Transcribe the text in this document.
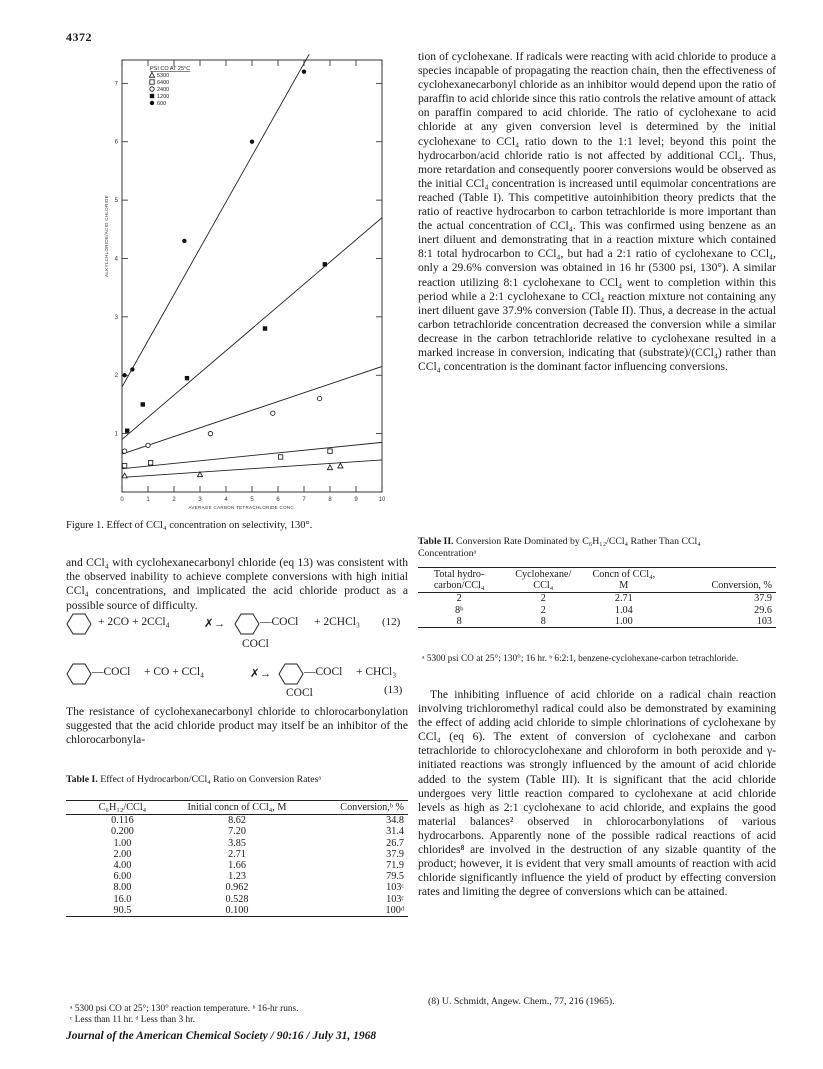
4372
0	1	2	3	4	5	6	7	8	9	10
1
2
3
4
5
6
7
AVERAGE CARBON TETRACHLORIDE CONC.
ALKYLCHLORIDE/ACID CHLORIDE
PSI CO AT 25°C
5300
6400
2400
1200
600
Figure 1. Effect of CCl₄ concentration on selectivity, 130°.
and CCl₄ with cyclohexanecarbonyl chloride (eq 13) was consistent with the observed inability to achieve complete conversions with high initial CCl₄ concentrations, and implicated the acid chloride product as a possible source of difficulty.
+ 2CO + 2CCl₄	✗→	—COCl + 2CHCl₃ (12)
COCl
—COCl + CO + CCl₄	✗→	—COCl + CHCl₃
COCl	(13)
The resistance of cyclohexanecarbonyl chloride to chlorocarbonylation suggested that the acid chloride product may itself be an inhibitor of the chlorocarbonyla-
Table I. Effect of Hydrocarbon/CCl₄ Ratio on Conversion Ratesᵃ
C₆H₁₂/CCl₄	Initial concn of CCl₄, M	Conversion,ᵇ %
0.116	8.62	34.8
0.200	7.20	31.4
1.00	3.85	26.7
2.00	2.71	37.9
4.00	1.66	71.9
6.00	1.23	79.5
8.00	0.962	103ᶜ
16.0	0.528	103ᶜ
90.5	0.100	100ᵈ
ᵃ 5300 psi CO at 25°; 130° reaction temperature. ᵇ 16-hr runs.
ᶜ Less than 11 hr. ᵈ Less than 3 hr.
tion of cyclohexane. If radicals were reacting with acid chloride to produce a species incapable of propagating the reaction chain, then the effectiveness of cyclohexanecarbonyl chloride as an inhibitor would depend upon the ratio of paraffin to acid chloride since this ratio controls the relative amount of attack on paraffin compared to acid chloride. The ratio of cyclohexane to acid chloride at any given conversion level is determined by the initial cyclohexane to CCl₄ ratio down to the 1:1 level; beyond this point the hydrocarbon/acid chloride ratio is not affected by additional CCl₄. Thus, more retardation and consequently poorer conversions would be observed as the initial CCl₄ concentration is increased until equimolar concentrations are reached (Table I). This competitive autoinhibition theory predicts that the ratio of reactive hydrocarbon to carbon tetrachloride is more important than the actual concentration of CCl₄. This was confirmed using benzene as an inert diluent and demonstrating that in a reaction mixture which contained 8:1 total hydrocarbon to CCl₄, but had a 2:1 ratio of cyclohexane to CCl₄, only a 29.6% conversion was obtained in 16 hr (5300 psi, 130°). A similar reaction utilizing 8:1 cyclohexane to CCl₄ went to completion within this period while a 2:1 cyclohexane to CCl₄ reaction mixture not containing any inert diluent gave 37.9% conversion (Table II). Thus, a decrease in the actual carbon tetrachloride concentration decreased the conversion while a similar decrease in the carbon tetrachloride relative to cyclohexane resulted in a marked increase in conversion, indicating that (substrate)/(CCl₄) rather than CCl₄ concentration is the dominant factor influencing conversions.
Table II. Conversion Rate Dominated by C₆H₁₂/CCl₄ Rather Than CCl₄ Concentrationᵃ
Total hydro-carbon/CCl₄	Cyclohexane/ CCl₄	Concn of CCl₄, M	Conversion, %
2	2	2.71	37.9
8ᵇ	2	1.04	29.6
8	8	1.00	103
ᵃ 5300 psi CO at 25°; 130°; 16 hr. ᵇ 6:2:1, benzene-cyclohexane-carbon tetrachloride.
The inhibiting influence of acid chloride on a radical chain reaction involving trichloromethyl radical could also be demonstrated by examining the effect of adding acid chloride to simple chlorinations of cyclohexane by CCl₄ (eq 6). The extent of conversion of cyclohexane and carbon tetrachloride to chlorocyclohexane and chloroform in both peroxide and γ-initiated reactions was strongly influenced by the amount of acid chloride added to the system (Table III). It is significant that the acid chloride undergoes very little reaction compared to cyclohexane at acid chloride levels as high as 2:1 cyclohexane to acid chloride, and explains the good material balances² observed in chlorocarbonylations of various hydrocarbons. Apparently none of the possible radical reactions of acid chlorides⁸ are involved in the destruction of any sizable quantity of the product; however, it is evident that very small amounts of reaction with acid chloride significantly influence the yield of product by effecting conversion rates and limiting the degree of conversions which can be attained.
(8) U. Schmidt, Angew. Chem., 77, 216 (1965).
Journal of the American Chemical Society / 90:16 / July 31, 1968
